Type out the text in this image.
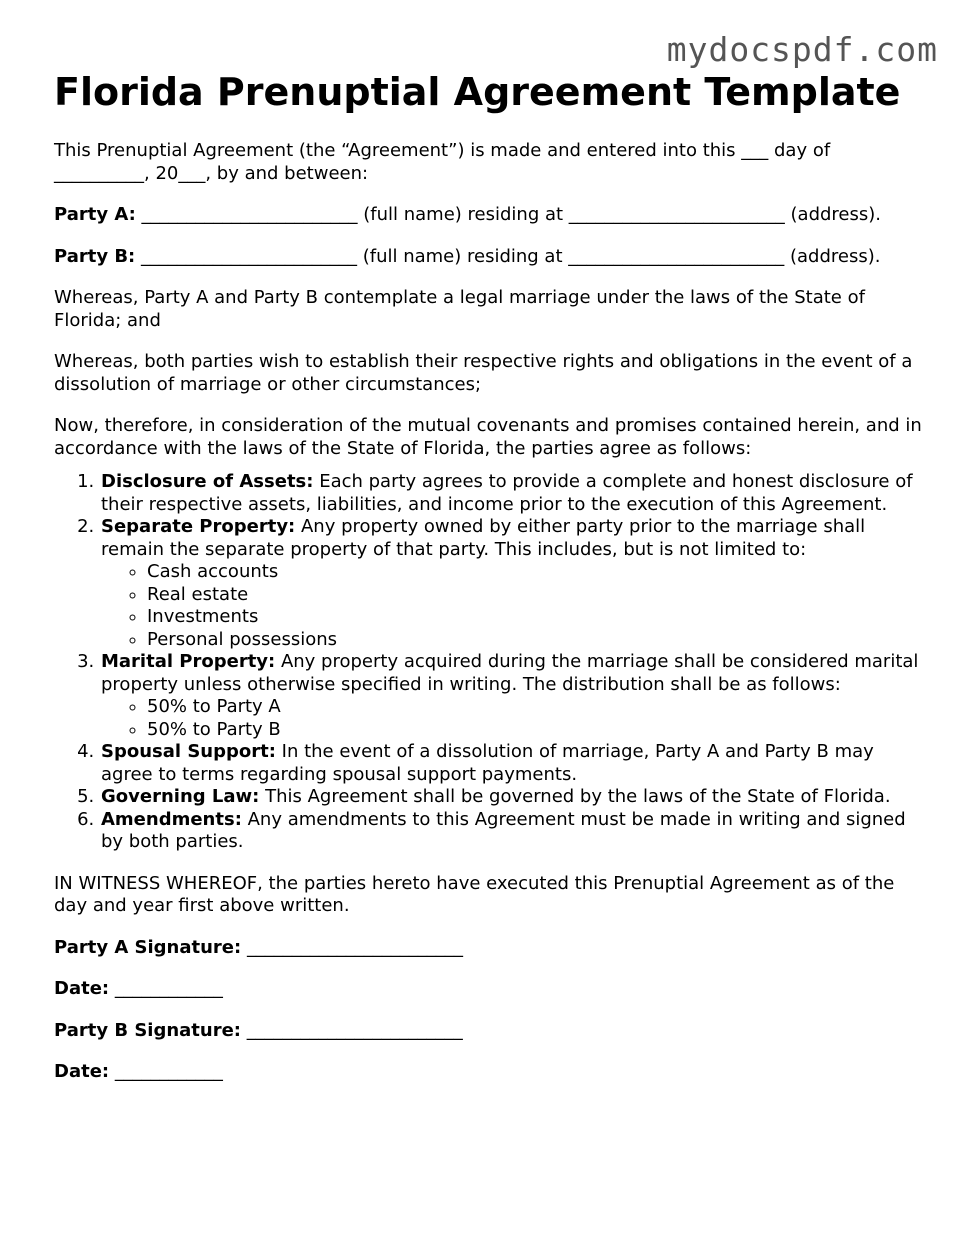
mydocspdf.com
Florida Prenuptial Agreement Template

This Prenuptial Agreement (the “Agreement”) is made and entered into this ___ day of __________, 20___, by and between:

Party A: ________________________ (full name) residing at ________________________ (address).

Party B: ________________________ (full name) residing at ________________________ (address).

Whereas, Party A and Party B contemplate a legal marriage under the laws of the State of Florida; and

Whereas, both parties wish to establish their respective rights and obligations in the event of a dissolution of marriage or other circumstances;

Now, therefore, in consideration of the mutual covenants and promises contained herein, and in accordance with the laws of the State of Florida, the parties agree as follows:

1. Disclosure of Assets: Each party agrees to provide a complete and honest disclosure of their respective assets, liabilities, and income prior to the execution of this Agreement.
2. Separate Property: Any property owned by either party prior to the marriage shall remain the separate property of that party. This includes, but is not limited to:
◦ Cash accounts
◦ Real estate
◦ Investments
◦ Personal possessions
3. Marital Property: Any property acquired during the marriage shall be considered marital property unless otherwise specified in writing. The distribution shall be as follows:
◦ 50% to Party A
◦ 50% to Party B
4. Spousal Support: In the event of a dissolution of marriage, Party A and Party B may agree to terms regarding spousal support payments.
5. Governing Law: This Agreement shall be governed by the laws of the State of Florida.
6. Amendments: Any amendments to this Agreement must be made in writing and signed by both parties.

IN WITNESS WHEREOF, the parties hereto have executed this Prenuptial Agreement as of the day and year first above written.

Party A Signature: ________________________

Date: ____________

Party B Signature: ________________________

Date: ____________
